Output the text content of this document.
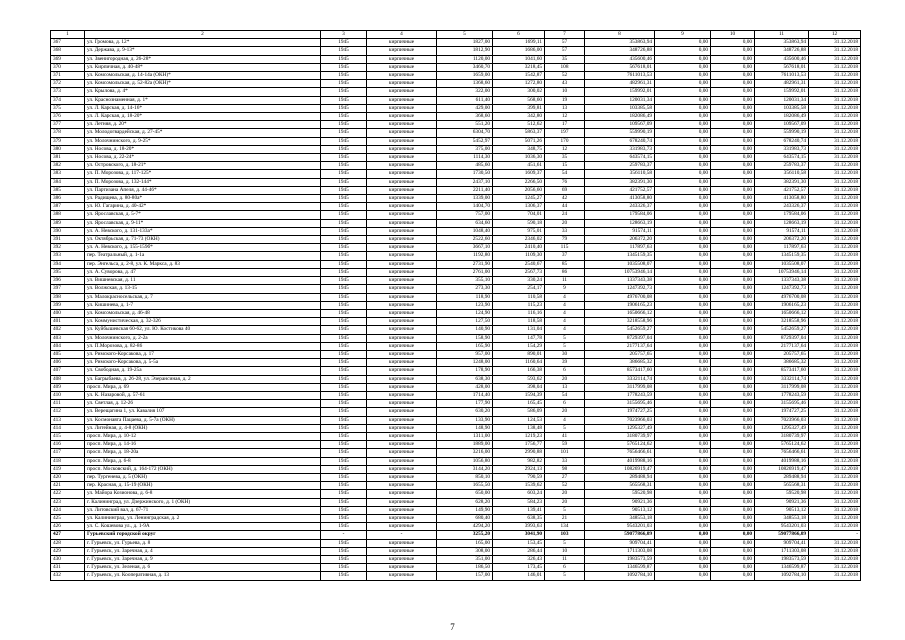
1	2	3	4	5	6	7	8	9	10	11	12
367	ул. Громова, д. 12*	1945	кирпичные	1827,00	1699,11	57	353863,94	0,00	0,00	353863,94	31.12.2018
368	ул. Держава, д. 9-13*	1945	кирпичные	1812,90	1686,00	57	348726,88	0,00	0,00	348726,88	31.12.2018
369	ул. Звенигородная, д. 26-28*	1945	кирпичные	1120,00	1041,60	35	435600,46	0,00	0,00	435600,46	31.12.2018
370	ул. Кирпичная, д. 40-48*	1945	кирпичные	3460,70	3218,45	108	567618,01	0,00	0,00	567618,01	31.12.2018
371	ул. Комсомольская, д. 14-14а (ОКН)*	1945	кирпичные	1659,00	1542,87	52	7611013,53	0,00	0,00	7611013,53	31.12.2018
372	ул. Комсомольская, д. 52-82а (ОКН)*	1945	кирпичные	1368,60	1272,80	43	482961,31	0,00	0,00	482961,31	31.12.2018
373	ул. Крылова, д. 4*	1945	кирпичные	322,00	300,02	10	159992,01	0,00	0,00	159992,01	31.12.2018
374	ул. Краснознаменная, д. 1*	1945	кирпичные	611,40	568,60	19	120031,34	0,00	0,00	120031,34	31.12.2018
375	ул. Л. Карская, д. 14-16*	1945	кирпичные	429,00	399,81	13	103385,58	0,00	0,00	103385,58	31.12.2018
376	ул. Л. Карская, д. 18-20*	1945	кирпичные	368,60	342,80	12	182086,49	0,00	0,00	182086,49	31.12.2018
377	ул. Летняя, д. 20*	1945	кирпичные	551,20	512,62	17	109567,09	0,00	0,00	109567,09	31.12.2018
378	ул. Молодогвардейская, д. 27-45*	1945	кирпичные	6304,70	5863,37	197	559990,19	0,00	0,00	559990,19	31.12.2018
379	ул. Молочнинского, д. 9-25*	1945	кирпичные	5452,97	5071,26	170	678240,74	0,00	0,00	678240,74	31.12.2018
380	ул. Носова, д. 18-20*	1945	кирпичные	375,00	348,75	12	331983,73	0,00	0,00	331983,73	31.12.2018
381	ул. Носова, д. 22-24*	1945	кирпичные	1114,30	1036,30	35	643574,15	0,00	0,00	643574,15	31.12.2018
382	ул. Островского, д. 18-21*	1945	кирпичные	485,60	451,61	15	259783,37	0,00	0,00	259783,37	31.12.2018
383	ул. П. Морозова, д. 117-125*	1945	кирпичные	1730,50	1609,37	54	356110,58	0,00	0,00	356110,58	31.12.2018
384	ул. П. Морозова, д. 132-144*	1945	кирпичные	2437,10	2266,50	76	382391,30	0,00	0,00	382391,30	31.12.2018
385	ул. Партизана Апеля, д. 44-46*	1945	кирпичные	2211,40	2056,60	69	421752,57	0,00	0,00	421752,57	31.12.2018
386	ул. Радищева, д. 80-80а*	1945	кирпичные	1339,00	1245,27	42	413058,80	0,00	0,00	413058,80	31.12.2018
387	ул. Ю. Гагарина, д. 40-42*	1945	кирпичные	1404,70	1306,37	44	243326,37	0,00	0,00	243326,37	31.12.2018
388	ул. Ярославская, д. 5-7*	1945	кирпичные	757,00	704,01	24	179584,06	0,00	0,00	179584,06	31.12.2018
389	ул. Ярославская, д. 9-11*	1945	кирпичные	634,60	590,18	20	128663,19	0,00	0,00	128663,19	31.12.2018
390	ул. А. Невского, д. 131-133а*	1945	кирпичные	1048,40	975,01	33	91574,11	0,00	0,00	91574,11	31.12.2018
391	ул. Октябрьская, д. 71-73 (ОКН)	1945	кирпичные	2522,60	2346,02	79	206372,20	0,00	0,00	206372,20	31.12.2018
392	ул. А. Невского, д. 155-159б*	1945	кирпичные	3667,10	2410,40	115	117897,63	0,00	0,00	117897,63	31.12.2018
393	пер. Театральный, д. 1-1а	1945	кирпичные	1192,80	1109,30	37	1345159,35	0,00	0,00	1345159,35	31.12.2018
394	пер. Энгельса, д. 2-8, ул. К. Маркса, д. 83	1945	кирпичные	2731,90	2540,67	85	1035508,07	0,00	0,00	1035508,07	31.12.2018
395	ул. А. Суворова, д. 47	1945	кирпичные	2761,00	2567,73	86	10753946,14	0,00	0,00	10753946,14	31.12.2018
396	ул. Вишневская, д. 11	1945	кирпичные	355,10	330,24	11	1337343,38	0,00	0,00	1337343,38	31.12.2018
397	ул. Волжская, д. 13-15	1945	кирпичные	273,30	254,17	9	1247392,73	0,00	0,00	1247392,73	31.12.2018
398	ул. Малокрасносельская, д. 7	1945	кирпичные	118,90	110,58	4	4976700,08	0,00	0,00	4976700,08	31.12.2018
399	ул. Кишинева, д. 1-7	1945	кирпичные	123,90	115,23	4	1906165,23	0,00	0,00	1906165,23	31.12.2018
400	ул. Комсомольская, д. 46-48	1945	кирпичные	124,90	116,16	4	1650666,12	0,00	0,00	1650666,12	31.12.2018
401	ул. Коммунистическая, д. 32-326	1945	кирпичные	127,50	118,58	4	3218558,96	0,00	0,00	3218558,96	31.12.2018
402	ул. Куйбышевская 60-62, ул. Ю. Костикова 40	1945	кирпичные	140,90	131,04	4	5452659,27	0,00	0,00	5452659,27	31.12.2018
403	ул. Молочнинского, д. 2-2а	1945	кирпичные	158,90	147,78	5	8729397,04	0,00	0,00	8729397,04	31.12.2018
404	ул. П.Морозова, д. 82-86	1945	кирпичные	165,90	154,29	5	2177137,64	0,00	0,00	2177137,64	31.12.2018
405	ул. Римского-Корсакова, д. 17	1945	кирпичные	957,00	890,01	30	205757,65	0,00	0,00	205757,65	31.12.2018
406	ул. Римского-Корсакова, д. 5-5а	1945	кирпичные	1248,00	1160,64	39	386685,32	0,00	0,00	386685,32	31.12.2018
407	ул. Свободная, д. 19-25а	1945	кирпичные	178,90	166,38	6	8573417,60	0,00	0,00	8573417,60	31.12.2018
408	ул. Багрыбаева, д. 26-28, ул. Эзерансиная, д. 2	1945	кирпичные	638,30	593,62	20	3332114,74	0,00	0,00	3332114,74	31.12.2018
409	просп. Мира, д. 69	1945	кирпичные	428,00	398,04	13	3117999,08	0,00	0,00	3117999,08	31.12.2018
410	ул. К. Назаровой, д. 57-61	1945	кирпичные	1714,40	1594,39	54	1778243,59	0,00	0,00	1778243,59	31.12.2018
411	ул. Светлая, д. 12-26	1945	кирпичные	177,90	165,45	6	3155695,46	0,00	0,00	3155695,46	31.12.2018
412	ул. Верещагина 1, ул. Кавалия 107	1945	кирпичные	630,20	586,09	20	1974727,25	0,00	0,00	1974727,25	31.12.2018
413	ул. Космонавта Пацаева, д. 5-7а (ОКН)	1945	кирпичные	133,90	124,53	4	7023966,03	0,00	0,00	7023966,03	31.12.2018
414	ул. Литейная, д. 4-8 (ОКН)	1945	кирпичные	148,90	138,48	5	1295327,49	0,00	0,00	1295327,49	31.12.2018
415	просп. Мира, д. 10-12	1945	кирпичные	1311,00	1219,23	41	3180739,97	0,00	0,00	3180739,97	31.12.2018
416	просп. Мира, д. 14-16	1945	кирпичные	1889,00	1756,77	59	5765124,62	0,00	0,00	5765124,62	31.12.2018
417	просп. Мира, д. 18-20а	1945	кирпичные	3216,00	2990,88	101	7656466,61	0,00	0,00	7656466,61	31.12.2018
418	просп. Мира, д. 6-8	1945	кирпичные	1056,80	982,82	33	4019988,16	0,00	0,00	4019988,16	31.12.2018
419	просп. Московский, д. 164-172 (ОКН)	1945	кирпичные	3144,20	2924,13	98	10826919,47	0,00	0,00	10826919,47	31.12.2018
420	пер. Тургенева, д. 5 (ОКН)	1945	кирпичные	850,10	790,59	27	289488,94	0,00	0,00	289488,94	31.12.2018
421	пер. Красная, д. 15-19 (ОКН)	1945	кирпичные	1655,50	1539,62	52	565568,31	0,00	0,00	565568,31	31.12.2018
422	ул. Майора Козионова, д. 6-8	1945	кирпичные	650,00	603,24	20	59520,98	0,00	0,00	59520,98	31.12.2018
423	г. Калининград, ул. Дзержинского, д. 1 (ОКН)	1945	кирпичные	628,20	584,23	20	90921,36	0,00	0,00	90921,36	31.12.2018
424	ул. Литовский вал, д. 67-71	1945	кирпичные	149,90	139,41	5	90513,12	0,00	0,00	90513,12	31.12.2018
425	ул. Калининград, ул. Ленинградская, д. 2	1945	кирпичные	680,40	638,35	21	348553,18	0,00	0,00	348553,18	31.12.2018
426	ул. С. Кошевова ул., д. 1-9А	1945	кирпичные	4294,20	3993,63	134	9543201,03	0,00	0,00	9543201,03	31.12.2018
427	Гурьевский городской округ	-	-	3255,20	3041,90	103	59077866,09	0,00	0,00	59077866,09	-
428	г. Гурьевск, ул. Гурьева, д. 8	1945	кирпичные	165,00	153,45	5	909704,41	0,00	0,00	909704,41	31.12.2018
429	г. Гурьевск, ул. Заречная, д. 4	1945	кирпичные	308,00	286,44	10	1711303,08	0,00	0,00	1711303,08	31.12.2018
430	г. Гурьевск, ул. Заречная, д. 9	1945	кирпичные	351,00	326,43	11	1983573,59	0,00	0,00	1983573,59	31.12.2018
431	г. Гурьевск, ул. Зеленая, д. 6	1945	кирпичные	186,50	173,45	6	1346599,87	0,00	0,00	1346599,87	31.12.2018
432	г. Гурьевск, ул. Кооперативная, д. 13	1945	кирпичные	157,00	146,01	5	1092784,10	0,00	0,00	1092784,10	31.12.2018
7
